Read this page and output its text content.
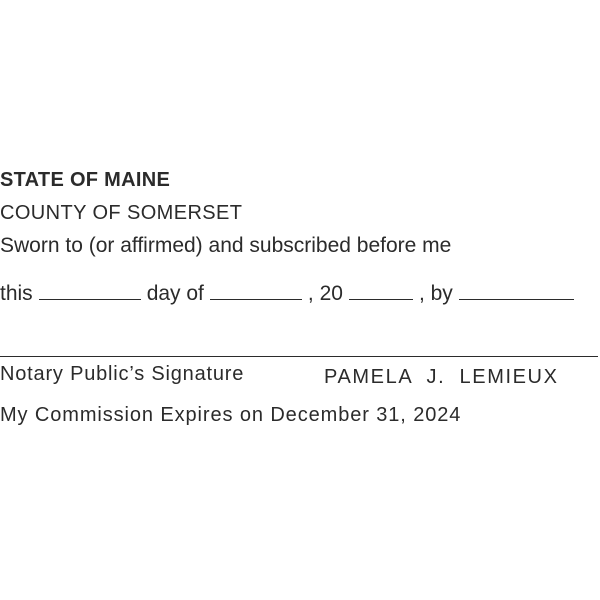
STATE OF MAINE
COUNTY OF SOMERSET
Sworn to (or affirmed) and subscribed before me
this	day of	, 20	, by
Notary Public’s Signature	PAMELA  J.  LEMIEUX
My Commission Expires on December 31, 2024
